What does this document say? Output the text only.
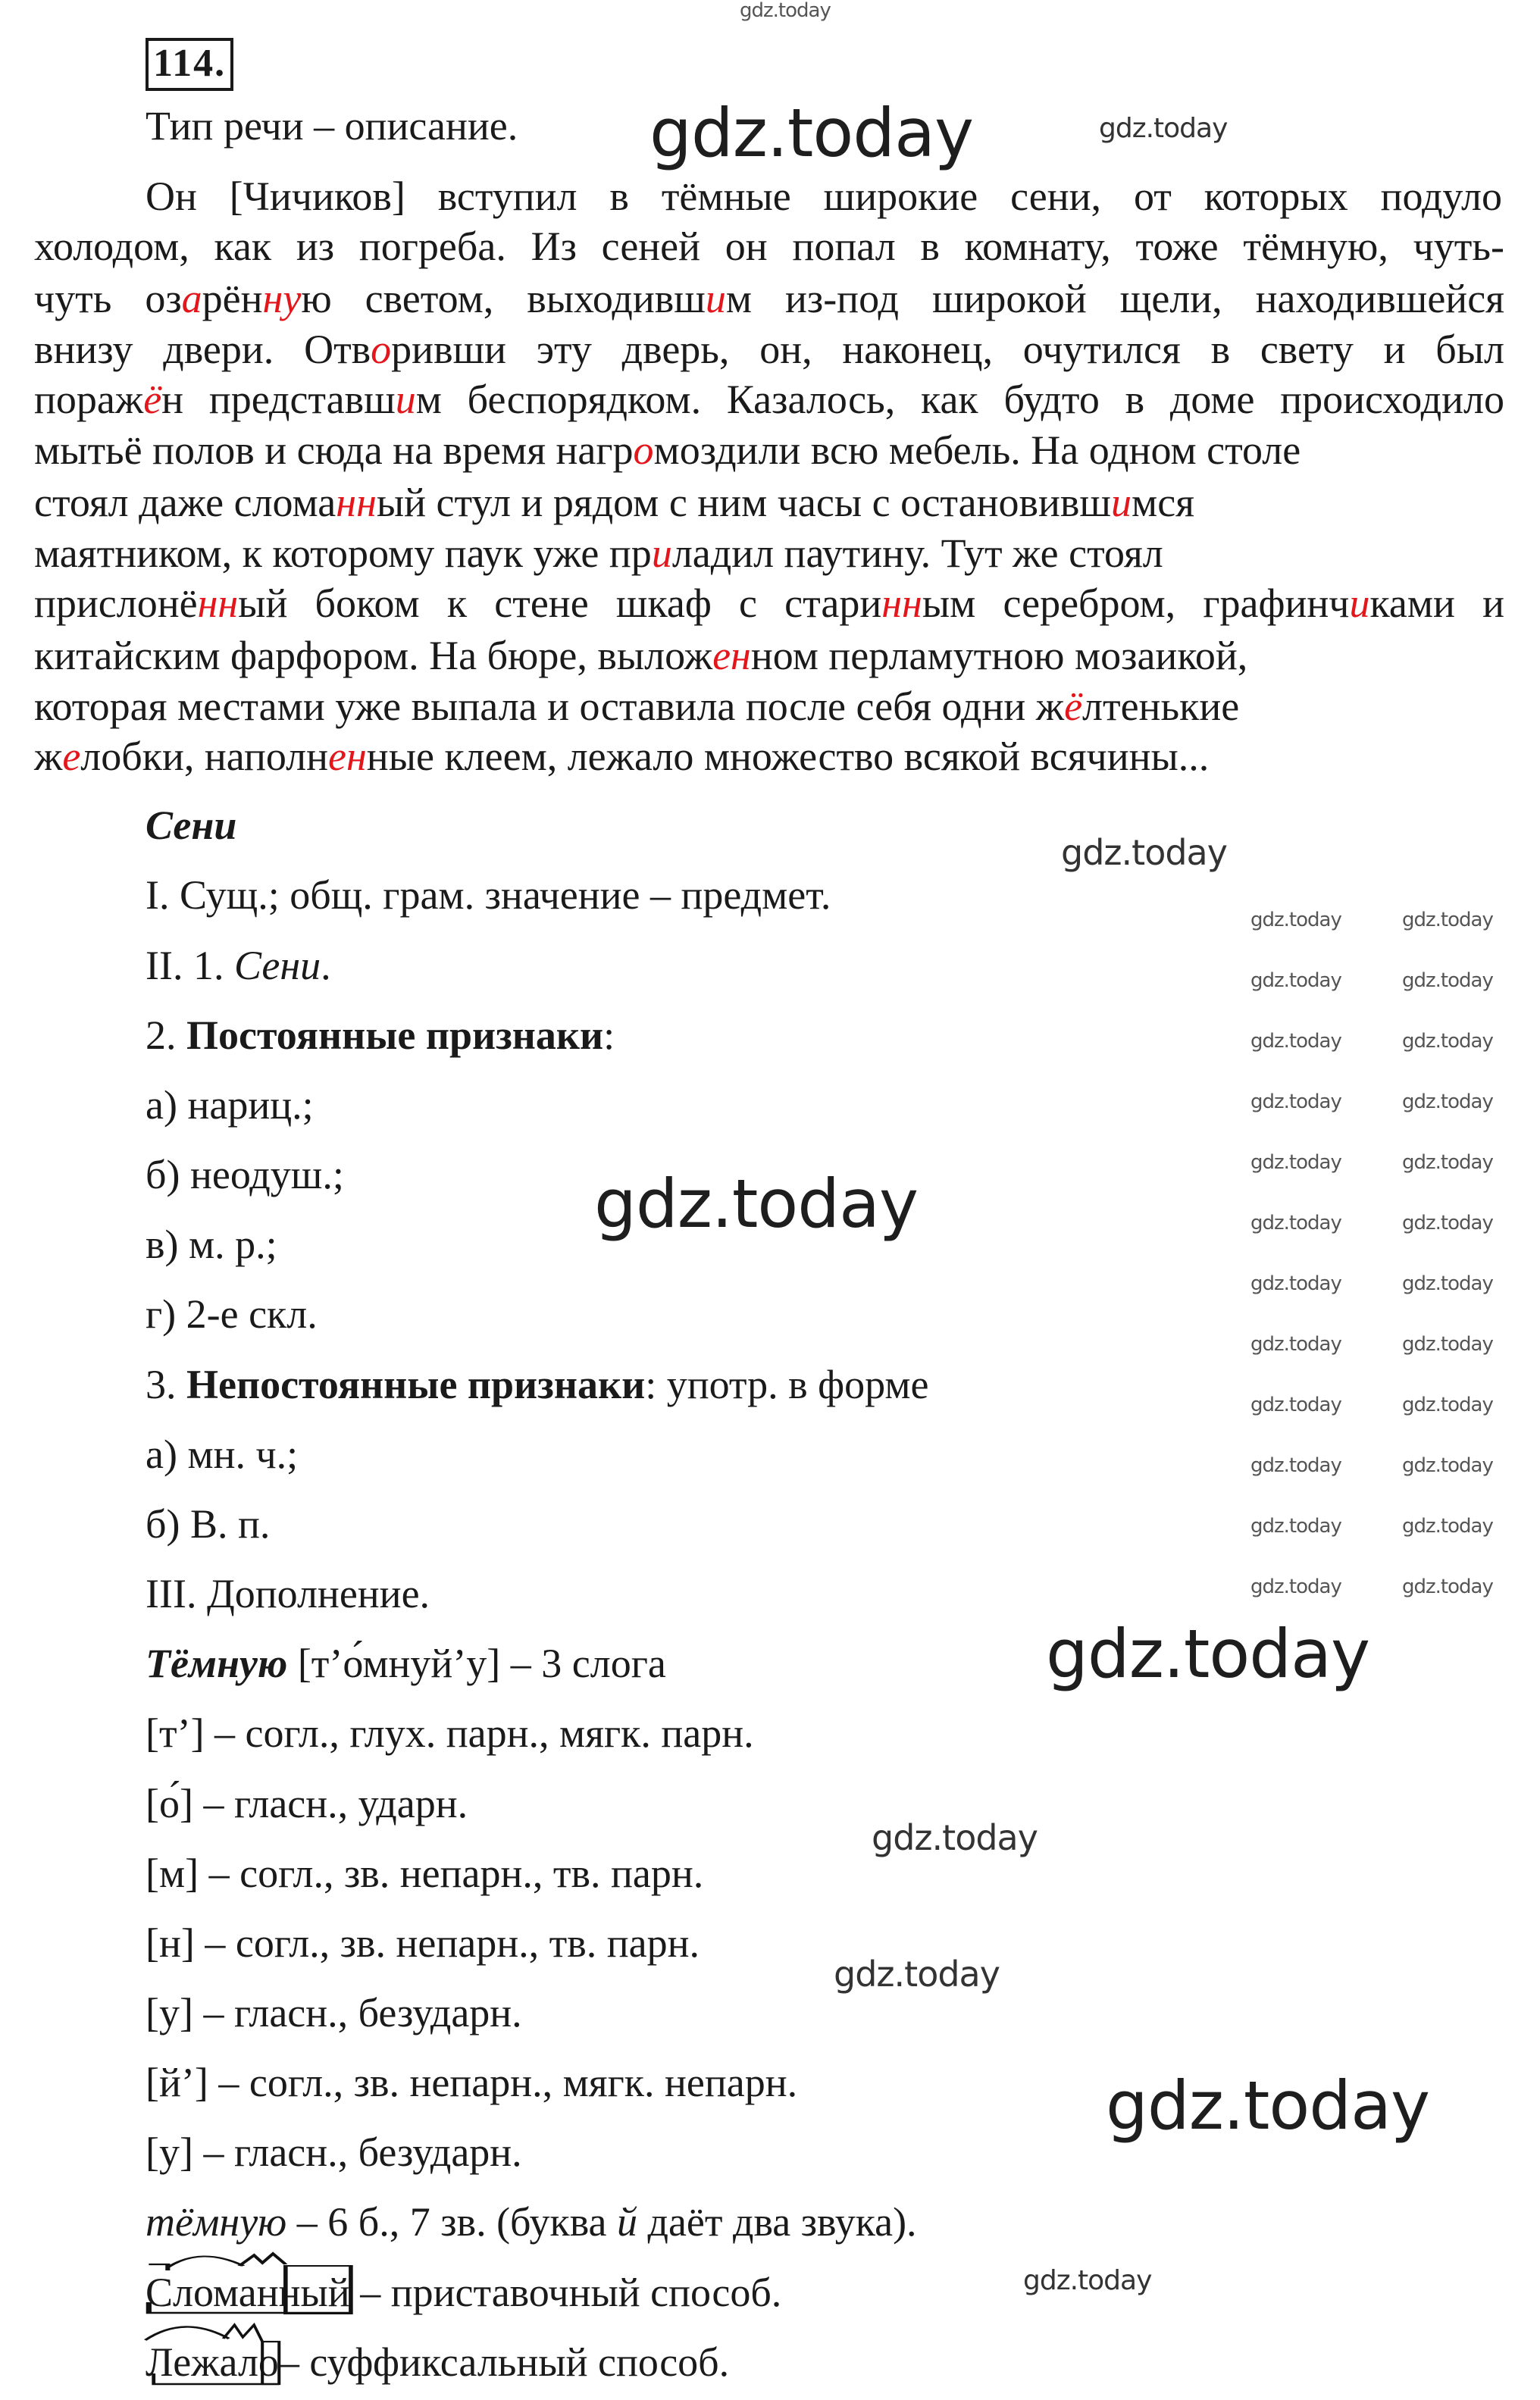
114.
Тип речи – описание.
Он [Чичиков] вступил в тёмные широкие сени, от которых подуло
холодом, как из погреба. Из сеней он попал в комнату, тоже тёмную, чуть-
чуть озарённую светом, выходившим из-под широкой щели, находившейся
внизу двери. Отворивши эту дверь, он, наконец, очутился в свету и был
поражён представшим беспорядком. Казалось, как будто в доме происходило
мытьё полов и сюда на время нагромоздили всю мебель. На одном столе
стоял даже сломанный стул и рядом с ним часы с остановившимся
маятником, к которому паук уже приладил паутину. Тут же стоял
прислонённый боком к стене шкаф с старинным серебром, графинчиками и
китайским фарфором. На бюре, выложенном перламутною мозаикой,
которая местами уже выпала и оставила после себя одни жёлтенькие
желобки, наполненные клеем, лежало множество всякой всячины...
Сени
I. Сущ.; общ. грам. значение – предмет.
II. 1. Сени.
2. Постоянные признаки:
а) нариц.;
б) неодуш.;
в) м. р.;
г) 2-е скл.
3. Непостоянные признаки: употр. в форме
а) мн. ч.;
б) В. п.
III. Дополнение.
Тёмную [т’о́мнуй’у] – 3 слога
[т’] – согл., глух. парн., мягк. парн.
[о́] – гласн., ударн.
[м] – согл., зв. непарн., тв. парн.
[н] – согл., зв. непарн., тв. парн.
[у] – гласн., безударн.
[й’] – согл., зв. непарн., мягк. непарн.
[у] – гласн., безударн.
тёмную – 6 б., 7 зв. (буква й даёт два звука).
Сломанный
– приставочный способ.
Лежало
– суффиксальный способ.
gdz.today
gdz.today
gdz.today
gdz.today
gdz.today
gdz.today
gdz.today
gdz.today
gdz.today
gdz.today
gdz.today	gdz.today
gdz.today	gdz.today
gdz.today	gdz.today
gdz.today	gdz.today
gdz.today	gdz.today
gdz.today	gdz.today
gdz.today	gdz.today
gdz.today	gdz.today
gdz.today	gdz.today
gdz.today	gdz.today
gdz.today	gdz.today
gdz.today	gdz.today
